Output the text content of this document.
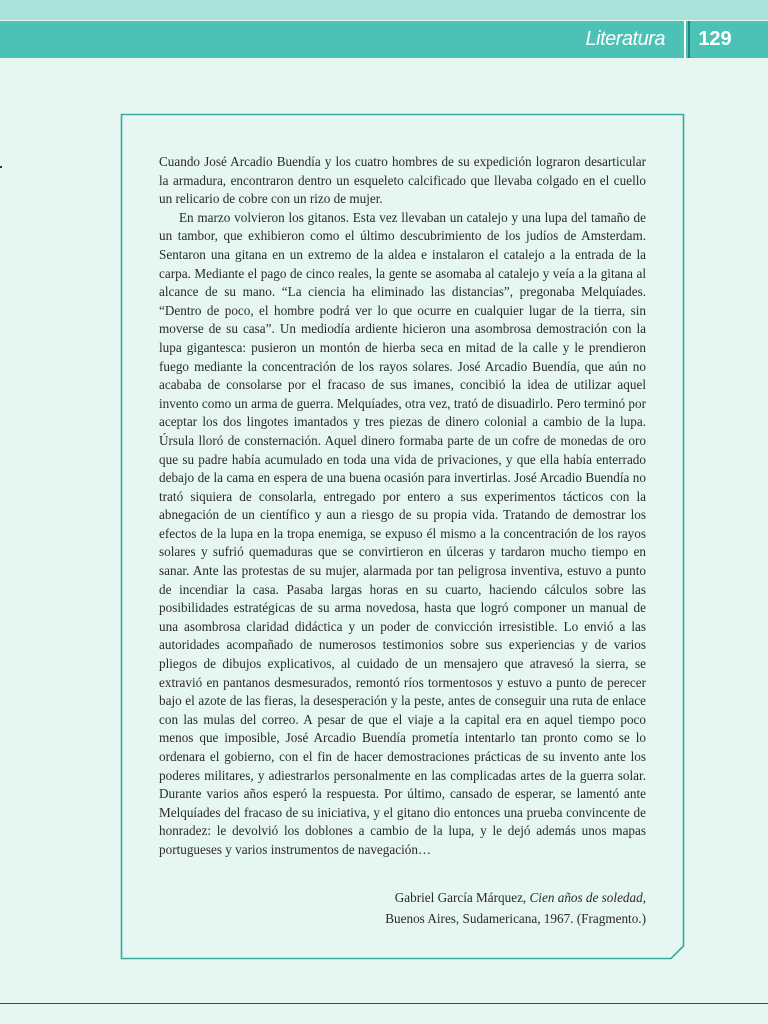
Literatura	129

Cuando José Arcadio Buendía y los cuatro hombres de su expedición lograron desarticular la armadura, encontraron dentro un esqueleto calcificado que llevaba colgado en el cuello un relicario de cobre con un rizo de mujer.

En marzo volvieron los gitanos. Esta vez llevaban un catalejo y una lupa del tamaño de un tambor, que exhibieron como el último descubrimiento de los judíos de Amsterdam. Sentaron una gitana en un extremo de la aldea e instalaron el catalejo a la entrada de la carpa. Mediante el pago de cinco reales, la gente se asomaba al catalejo y veía a la gitana al alcance de su mano. “La ciencia ha eliminado las distancias”, pregonaba Melquíades. “Dentro de poco, el hombre podrá ver lo que ocurre en cualquier lugar de la tierra, sin moverse de su casa”. Un mediodía ardiente hicieron una asombrosa demostración con la lupa gigantesca: pusieron un montón de hierba seca en mitad de la calle y le prendieron fuego mediante la concentración de los rayos solares. José Arcadio Buendía, que aún no acababa de consolarse por el fracaso de sus imanes, concibió la idea de utilizar aquel invento como un arma de guerra. Melquíades, otra vez, trató de disuadirlo. Pero terminó por aceptar los dos lingotes imantados y tres piezas de dinero colonial a cambio de la lupa. Úrsula lloró de consternación. Aquel dinero formaba parte de un cofre de monedas de oro que su padre había acumulado en toda una vida de privaciones, y que ella había enterrado debajo de la cama en espera de una buena ocasión para invertirlas. José Arcadio Buendía no trató siquiera de consolarla, entregado por entero a sus experimentos tácticos con la abnegación de un científico y aun a riesgo de su propia vida. Tratando de demostrar los efectos de la lupa en la tropa enemiga, se expuso él mismo a la concentración de los rayos solares y sufrió quemaduras que se convirtieron en úlceras y tardaron mucho tiempo en sanar. Ante las protestas de su mujer, alarmada por tan peligrosa inventiva, estuvo a punto de incendiar la casa. Pasaba largas horas en su cuarto, haciendo cálculos sobre las posibilidades estratégicas de su arma novedosa, hasta que logró componer un manual de una asombrosa claridad didáctica y un poder de convicción irresistible. Lo envió a las autoridades acompañado de numerosos testimonios sobre sus experiencias y de varios pliegos de dibujos explicativos, al cuidado de un mensajero que atravesó la sierra, se extravió en pantanos desmesurados, remontó ríos tormentosos y estuvo a punto de perecer bajo el azote de las fieras, la desesperación y la peste, antes de conseguir una ruta de enlace con las mulas del correo. A pesar de que el viaje a la capital era en aquel tiempo poco menos que imposible, José Arcadio Buendía prometía intentarlo tan pronto como se lo ordenara el gobierno, con el fin de hacer demostraciones prácticas de su invento ante los poderes militares, y adiestrarlos personalmente en las complicadas artes de la guerra solar. Durante varios años esperó la respuesta. Por último, cansado de esperar, se lamentó ante Melquíades del fracaso de su iniciativa, y el gitano dio entonces una prueba convincente de honradez: le devolvió los doblones a cambio de la lupa, y le dejó además unos mapas portugueses y varios instrumentos de navegación…

Gabriel García Márquez, Cien años de soledad,
Buenos Aires, Sudamericana, 1967. (Fragmento.)
